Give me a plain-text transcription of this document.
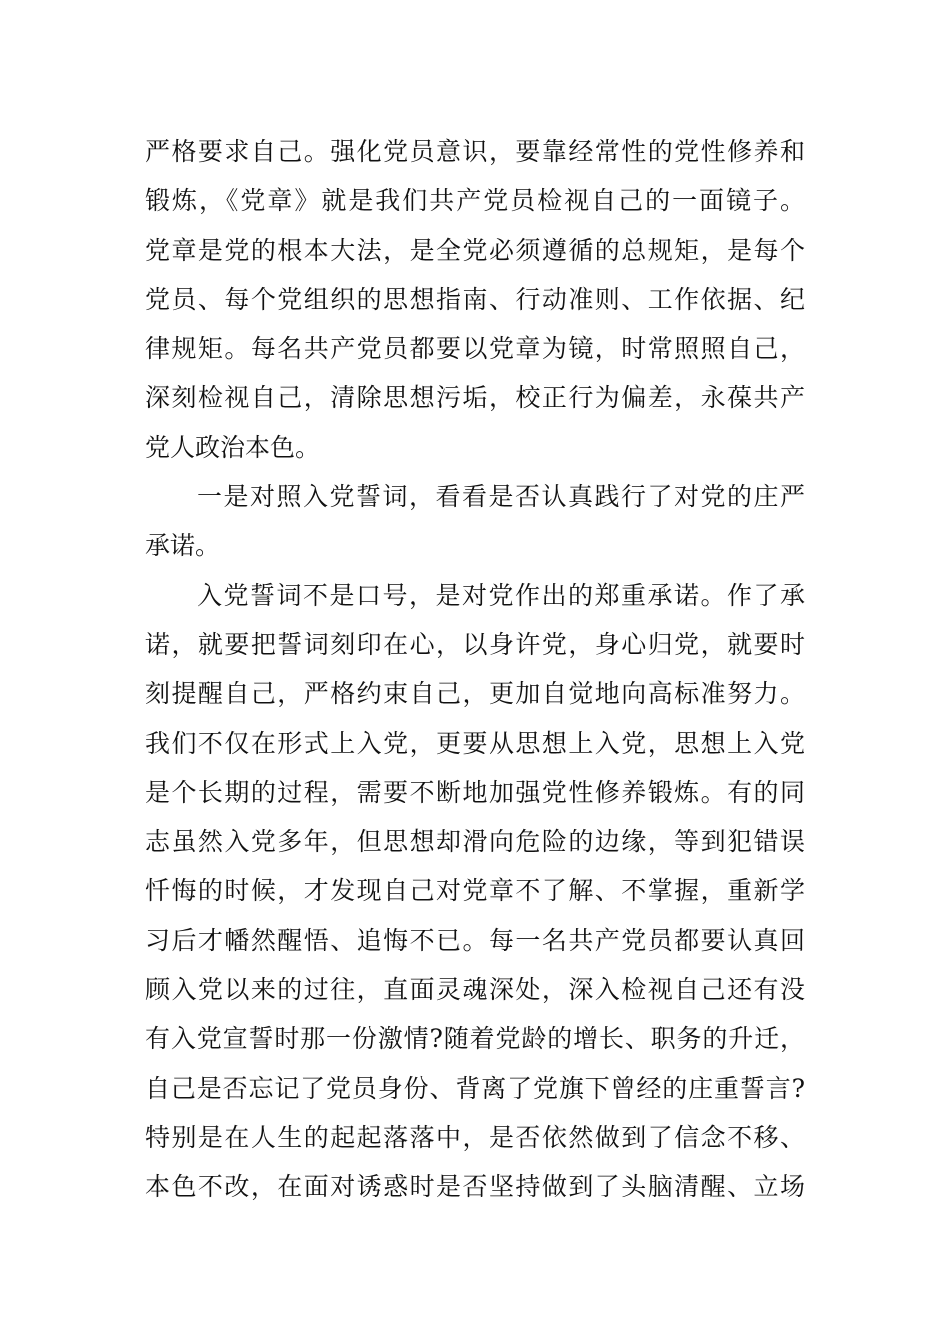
严格要求自己。强化党员意识，要靠经常性的党性修养和
锻炼，《党章》就是我们共产党员检视自己的一面镜子。
党章是党的根本大法，是全党必须遵循的总规矩，是每个
党员、每个党组织的思想指南、行动准则、工作依据、纪
律规矩。每名共产党员都要以党章为镜，时常照照自己，
深刻检视自己，清除思想污垢，校正行为偏差，永葆共产
党人政治本色。
一是对照入党誓词，看看是否认真践行了对党的庄严
承诺。
入党誓词不是口号，是对党作出的郑重承诺。作了承
诺，就要把誓词刻印在心，以身许党，身心归党，就要时
刻提醒自己，严格约束自己，更加自觉地向高标准努力。
我们不仅在形式上入党，更要从思想上入党，思想上入党
是个长期的过程，需要不断地加强党性修养锻炼。有的同
志虽然入党多年，但思想却滑向危险的边缘，等到犯错误
忏悔的时候，才发现自己对党章不了解、不掌握，重新学
习后才幡然醒悟、追悔不已。每一名共产党员都要认真回
顾入党以来的过往，直面灵魂深处，深入检视自己还有没
有入党宣誓时那一份激情?随着党龄的增长、职务的升迁，
自己是否忘记了党员身份、背离了党旗下曾经的庄重誓言?
特别是在人生的起起落落中，是否依然做到了信念不移、
本色不改，在面对诱惑时是否坚持做到了头脑清醒、立场
